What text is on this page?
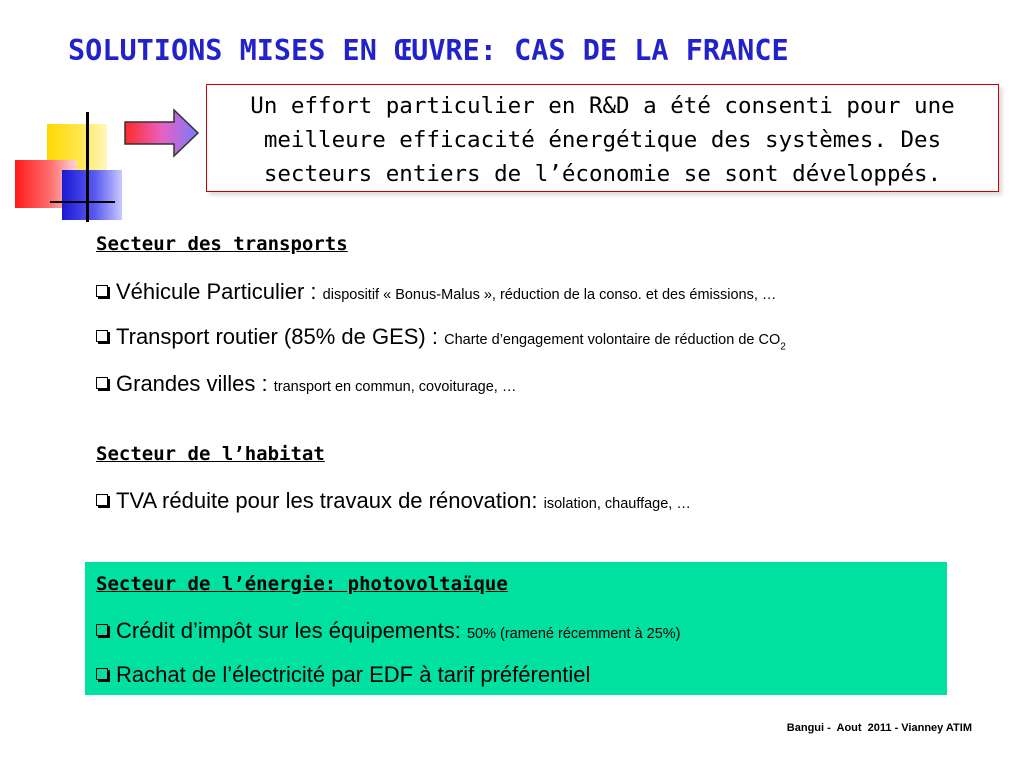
SOLUTIONS MISES EN ŒUVRE: CAS DE LA FRANCE
Un effort particulier en R&D a été consenti pour une
meilleure efficacité énergétique des systèmes. Des
secteurs entiers de l’économie se sont développés.
Secteur des transports
Véhicule Particulier : dispositif « Bonus-Malus », réduction de la conso. et des émissions, …
Transport routier (85% de GES) : Charte d’engagement volontaire de réduction de $CO_2$
Grandes villes : transport en commun, covoiturage, …
Secteur de l’habitat
TVA réduite pour les travaux de rénovation: isolation, chauffage, …
Secteur de l’énergie: photovoltaïque
Crédit d’impôt sur les équipements: 50% (ramené récemment à 25%)
Rachat de l’électricité par EDF à tarif préférentiel
Bangui -  Aout  2011 - Vianney ATIM
